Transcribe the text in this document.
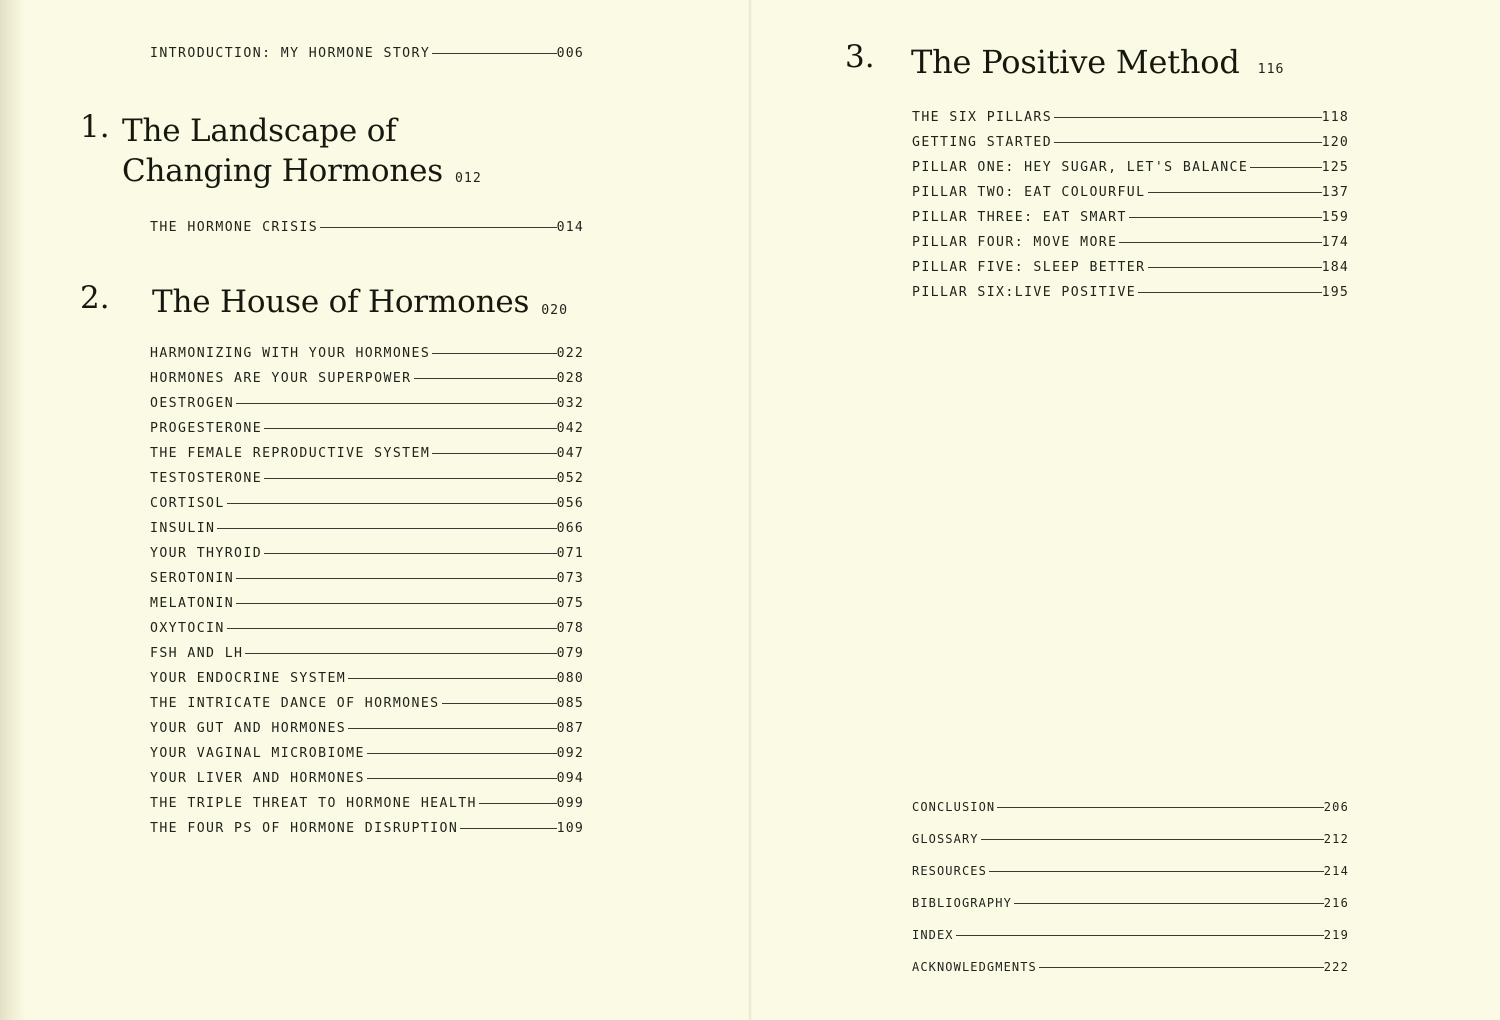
INTRODUCTION: MY HORMONE STORY	006
1. The Landscape of
Changing Hormones 012
THE HORMONE CRISIS	014
2.	The House of Hormones 020
HARMONIZING WITH YOUR HORMONES	022
HORMONES ARE YOUR SUPERPOWER	028
OESTROGEN	032
PROGESTERONE	042
THE FEMALE REPRODUCTIVE SYSTEM	047
TESTOSTERONE	052
CORTISOL	056
INSULIN	066
YOUR THYROID	071
SEROTONIN	073
MELATONIN	075
OXYTOCIN	078
FSH AND LH	079
YOUR ENDOCRINE SYSTEM	080
THE INTRICATE DANCE OF HORMONES	085
YOUR GUT AND HORMONES	087
YOUR VAGINAL MICROBIOME	092
YOUR LIVER AND HORMONES	094
THE TRIPLE THREAT TO HORMONE HEALTH	099
THE FOUR PS OF HORMONE DISRUPTION	109
3.	The Positive Method 116
THE SIX PILLARS	118
GETTING STARTED	120
PILLAR ONE: HEY SUGAR, LET'S BALANCE	125
PILLAR TWO: EAT COLOURFUL	137
PILLAR THREE: EAT SMART	159
PILLAR FOUR: MOVE MORE	174
PILLAR FIVE: SLEEP BETTER	184
PILLAR SIX:LIVE POSITIVE	195
CONCLUSION	206
GLOSSARY	212
RESOURCES	214
BIBLIOGRAPHY	216
INDEX	219
ACKNOWLEDGMENTS	222
